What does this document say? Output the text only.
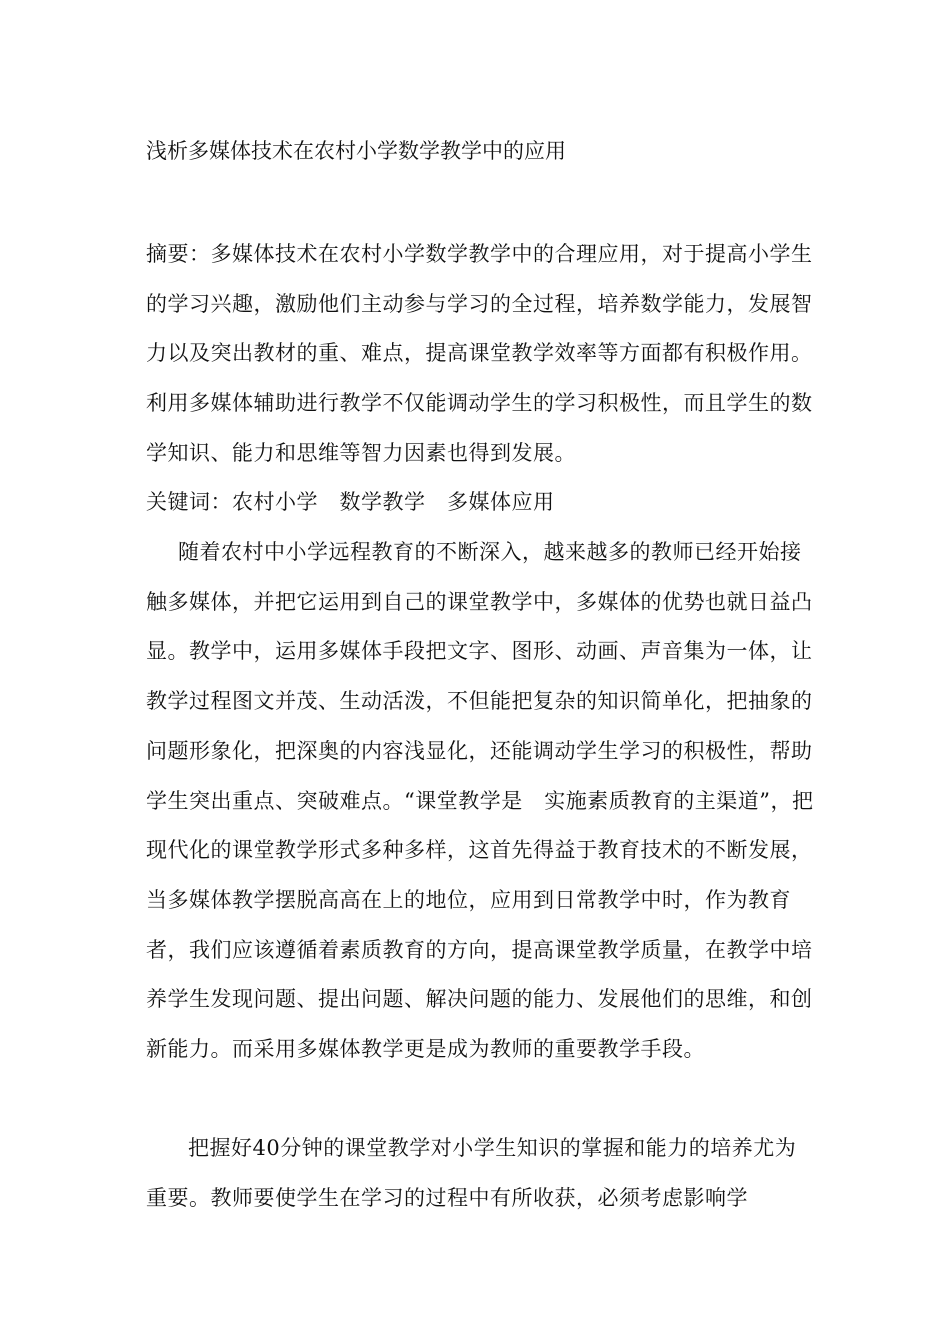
浅析多媒体技术在农村小学数学教学中的应用

摘要：多媒体技术在农村小学数学教学中的合理应用，对于提高小学生的学习兴趣，激励他们主动参与学习的全过程，培养数学能力，发展智力以及突出教材的重、难点，提高课堂教学效率等方面都有积极作用。利用多媒体辅助进行教学不仅能调动学生的学习积极性，而且学生的数学知识、能力和思维等智力因素也得到发展。

关键词：农村小学　数学教学　多媒体应用

随着农村中小学远程教育的不断深入，越来越多的教师已经开始接触多媒体，并把它运用到自己的课堂教学中，多媒体的优势也就日益凸显。教学中，运用多媒体手段把文字、图形、动画、声音集为一体，让教学过程图文并茂、生动活泼，不但能把复杂的知识简单化，把抽象的问题形象化，把深奥的内容浅显化，还能调动学生学习的积极性，帮助学生突出重点、突破难点。“课堂教学是　实施素质教育的主渠道”，把现代化的课堂教学形式多种多样，这首先得益于教育技术的不断发展，当多媒体教学摆脱高高在上的地位，应用到日常教学中时，作为教育者，我们应该遵循着素质教育的方向，提高课堂教学质量，在教学中培养学生发现问题、提出问题、解决问题的能力、发展他们的思维，和创新能力。而采用多媒体教学更是成为教师的重要教学手段。

把握好40分钟的课堂教学对小学生知识的掌握和能力的培养尤为重要。教师要使学生在学习的过程中有所收获，必须考虑影响学
